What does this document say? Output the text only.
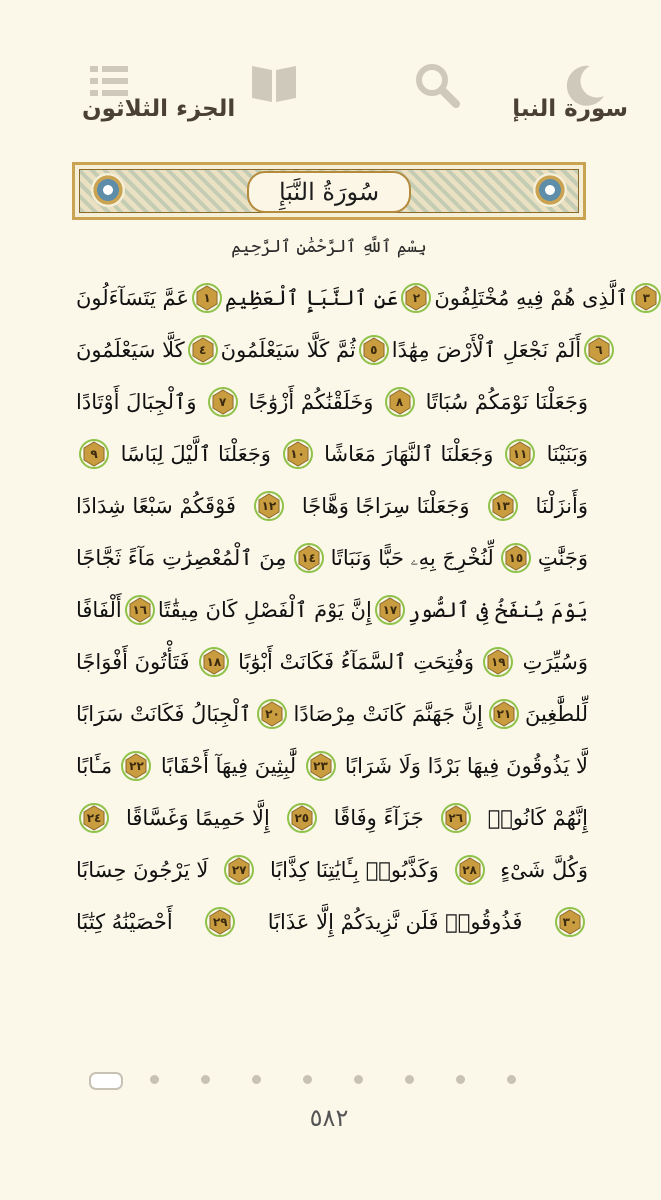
الجزء الثلاثون	سورة النبإ
سُورَةُ النَّبَإِ
بِسْمِ ٱللَّهِ ٱلرَّحْمَٰنِ ٱلرَّحِيمِ
عَمَّ يَتَسَآءَلُونَ ١ عَنِ ٱلنَّبَإِ ٱلْعَظِيمِ ٢ ٱلَّذِى هُمْ فِيهِ مُخْتَلِفُونَ ٣
كَلَّا سَيَعْلَمُونَ ٤ ثُمَّ كَلَّا سَيَعْلَمُونَ ٥ أَلَمْ نَجْعَلِ ٱلْأَرْضَ مِهَٰدًا ٦
وَٱلْجِبَالَ أَوْتَادًا ٧ وَخَلَقْنَٰكُمْ أَزْوَٰجًا ٨ وَجَعَلْنَا نَوْمَكُمْ سُبَاتًا
٩ وَجَعَلْنَا ٱلَّيْلَ لِبَاسًا ١٠ وَجَعَلْنَا ٱلنَّهَارَ مَعَاشًا ١١ وَبَنَيْنَا
فَوْقَكُمْ سَبْعًا شِدَادًا ١٢ وَجَعَلْنَا سِرَاجًا وَهَّاجًا ١٣ وَأَنزَلْنَا
مِنَ ٱلْمُعْصِرَٰتِ مَآءً ثَجَّاجًا ١٤ لِّنُخْرِجَ بِهِۦ حَبًّا وَنَبَاتًا ١٥ وَجَنَّٰتٍ
أَلْفَافًا ١٦ إِنَّ يَوْمَ ٱلْفَصْلِ كَانَ مِيقَٰتًا ١٧ يَوْمَ يُنفَخُ فِى ٱلصُّورِ
فَتَأْتُونَ أَفْوَاجًا ١٨ وَفُتِحَتِ ٱلسَّمَآءُ فَكَانَتْ أَبْوَٰبًا ١٩ وَسُيِّرَتِ
ٱلْجِبَالُ فَكَانَتْ سَرَابًا ٢٠ إِنَّ جَهَنَّمَ كَانَتْ مِرْصَادًا ٢١ لِّلطَّٰغِينَ
مَـَٔابًا ٢٢ لَّٰبِثِينَ فِيهَآ أَحْقَابًا ٢٣ لَّا يَذُوقُونَ فِيهَا بَرْدًا وَلَا شَرَابًا
٢٤ إِلَّا حَمِيمًا وَغَسَّاقًا ٢٥ جَزَآءً وِفَاقًا ٢٦ إِنَّهُمْ كَانُوا۟
لَا يَرْجُونَ حِسَابًا ٢٧ وَكَذَّبُوا۟ بِـَٔايَٰتِنَا كِذَّابًا ٢٨ وَكُلَّ شَىْءٍ
أَحْصَيْنَٰهُ كِتَٰبًا	٢٩ فَذُوقُوا۟ فَلَن نَّزِيدَكُمْ إِلَّا عَذَابًا	٣٠
٥٨٢
